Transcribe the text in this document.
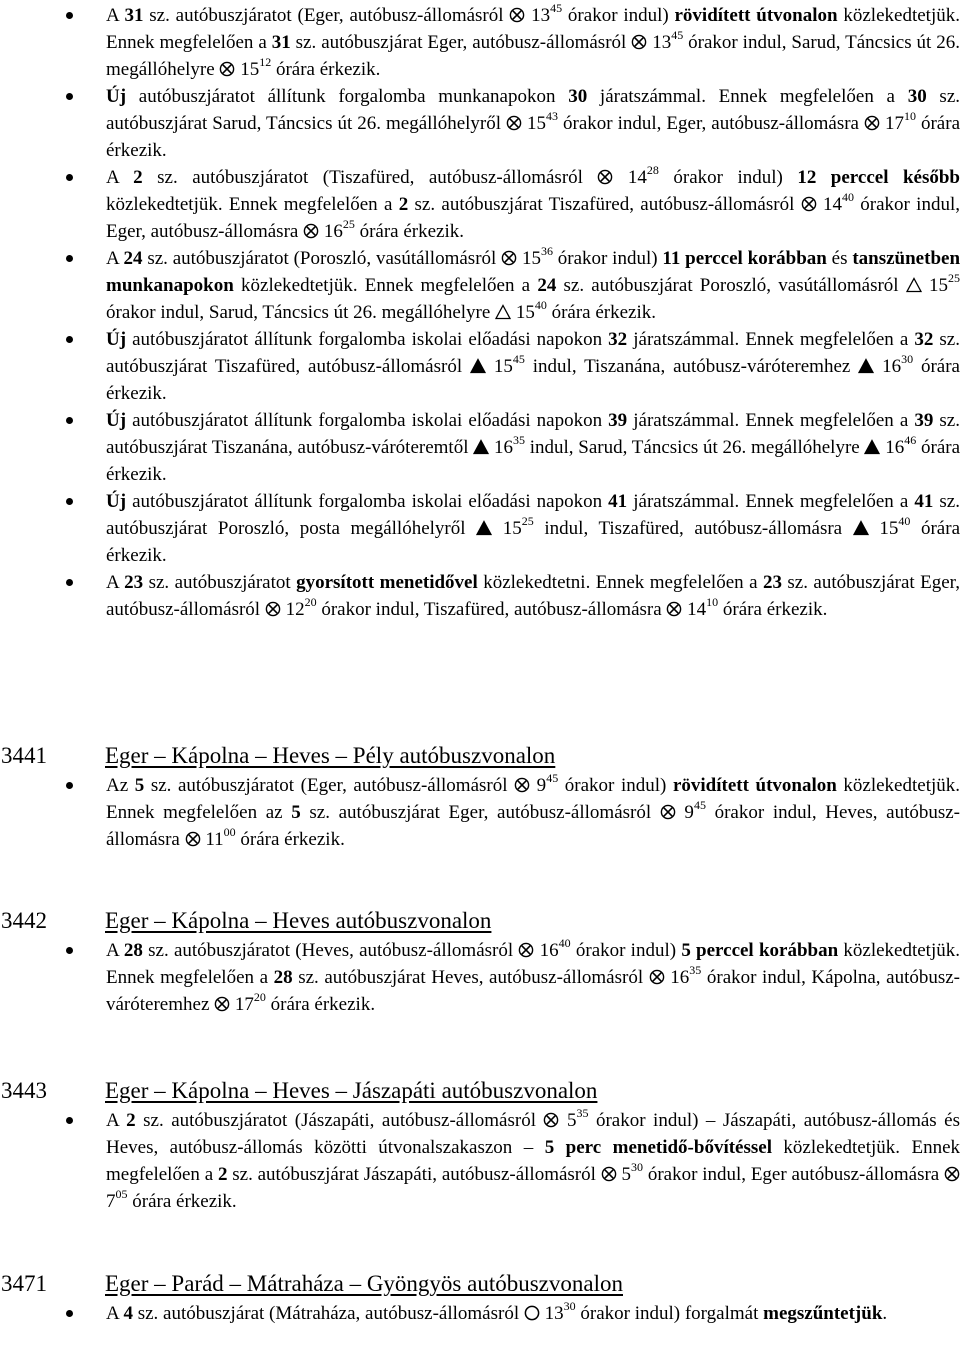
A 31 sz. autóbuszjáratot (Eger, autóbusz-állomásról
$13^{45}$ órakor indul) rövidített útvonalon közlekedtetjük. Ennek megfelelően a 31 sz. autóbuszjárat Eger, autóbusz-állomásról
$13^{45}$ órakor indul, Sarud, Táncsics út 26. megállóhelyre
$15^{12}$ órára érkezik.
Új autóbuszjáratot állítunk forgalomba munkanapokon 30 járatszámmal. Ennek megfelelően a 30 sz. autóbuszjárat Sarud, Táncsics út 26. megállóhelyről
$15^{43}$ órakor indul, Eger, autóbusz-állomásra
$17^{10}$ órára érkezik.
A 2 sz. autóbuszjáratot (Tiszafüred, autóbusz-állomásról
$14^{28}$ órakor indul) 12 perccel később közlekedtetjük. Ennek megfelelően a 2 sz. autóbuszjárat Tiszafüred, autóbusz-állomásról
$14^{40}$ órakor indul, Eger, autóbusz-állomásra
$16^{25}$ órára érkezik.
A 24 sz. autóbuszjáratot (Poroszló, vasútállomásról
$15^{36}$ órakor indul) 11 perccel korábban és tanszünetben munkanapokon közlekedtetjük. Ennek megfelelően a 24 sz. autóbuszjárat Poroszló, vasútállomásról
$15^{25}$ órakor indul, Sarud, Táncsics út 26. megállóhelyre
$15^{40}$ órára érkezik.
Új autóbuszjáratot állítunk forgalomba iskolai előadási napokon 32 járatszámmal. Ennek megfelelően a 32 sz. autóbuszjárat Tiszafüred, autóbusz-állomásról
$15^{45}$ indul, Tiszanána, autóbusz-váróteremhez
$16^{30}$ órára érkezik.
Új autóbuszjáratot állítunk forgalomba iskolai előadási napokon 39 járatszámmal. Ennek megfelelően a 39 sz. autóbuszjárat Tiszanána, autóbusz-váróteremtől
$16^{35}$ indul, Sarud, Táncsics út 26. megállóhelyre
$16^{46}$ órára érkezik.
Új autóbuszjáratot állítunk forgalomba iskolai előadási napokon 41 járatszámmal. Ennek megfelelően a 41 sz. autóbuszjárat Poroszló, posta megállóhelyről
$15^{25}$ indul, Tiszafüred, autóbusz-állomásra
$15^{40}$ órára érkezik.
A 23 sz. autóbuszjáratot gyorsított menetidővel közlekedtetni. Ennek megfelelően a 23 sz. autóbuszjárat Eger, autóbusz-állomásról
$12^{20}$ órakor indul, Tiszafüred, autóbusz-állomásra
$14^{10}$ órára érkezik.
3441	Eger – Kápolna – Heves – Pély autóbuszvonalon
Az 5 sz. autóbuszjáratot (Eger, autóbusz-állomásról
$9^{45}$ órakor indul) rövidített útvonalon közlekedtetjük. Ennek megfelelően az 5 sz. autóbuszjárat Eger, autóbusz-állomásról
$9^{45}$ órakor indul, Heves, autóbusz-állomásra
$11^{00}$ órára érkezik.
3442	Eger – Kápolna – Heves autóbuszvonalon
A 28 sz. autóbuszjáratot (Heves, autóbusz-állomásról
$16^{40}$ órakor indul) 5 perccel korábban közlekedtetjük. Ennek megfelelően a 28 sz. autóbuszjárat Heves, autóbusz-állomásról
$16^{35}$ órakor indul, Kápolna, autóbusz-váróteremhez
$17^{20}$ órára érkezik.
3443	Eger – Kápolna – Heves – Jászapáti autóbuszvonalon
A 2 sz. autóbuszjáratot (Jászapáti, autóbusz-állomásról
$5^{35}$ órakor indul) – Jászapáti, autóbusz-állomás és Heves, autóbusz-állomás közötti útvonalszakaszon – 5 perc menetidő-bővítéssel közlekedtetjük. Ennek megfelelően a 2 sz. autóbuszjárat Jászapáti, autóbusz-állomásról
$5^{30}$ órakor indul, Eger autóbusz-állomásra
$7^{05}$ órára érkezik.
3471	Eger – Parád – Mátraháza – Gyöngyös autóbuszvonalon
A 4 sz. autóbuszjárat (Mátraháza, autóbusz-állomásról
$13^{30}$ órakor indul) forgalmát megszűntetjük.
